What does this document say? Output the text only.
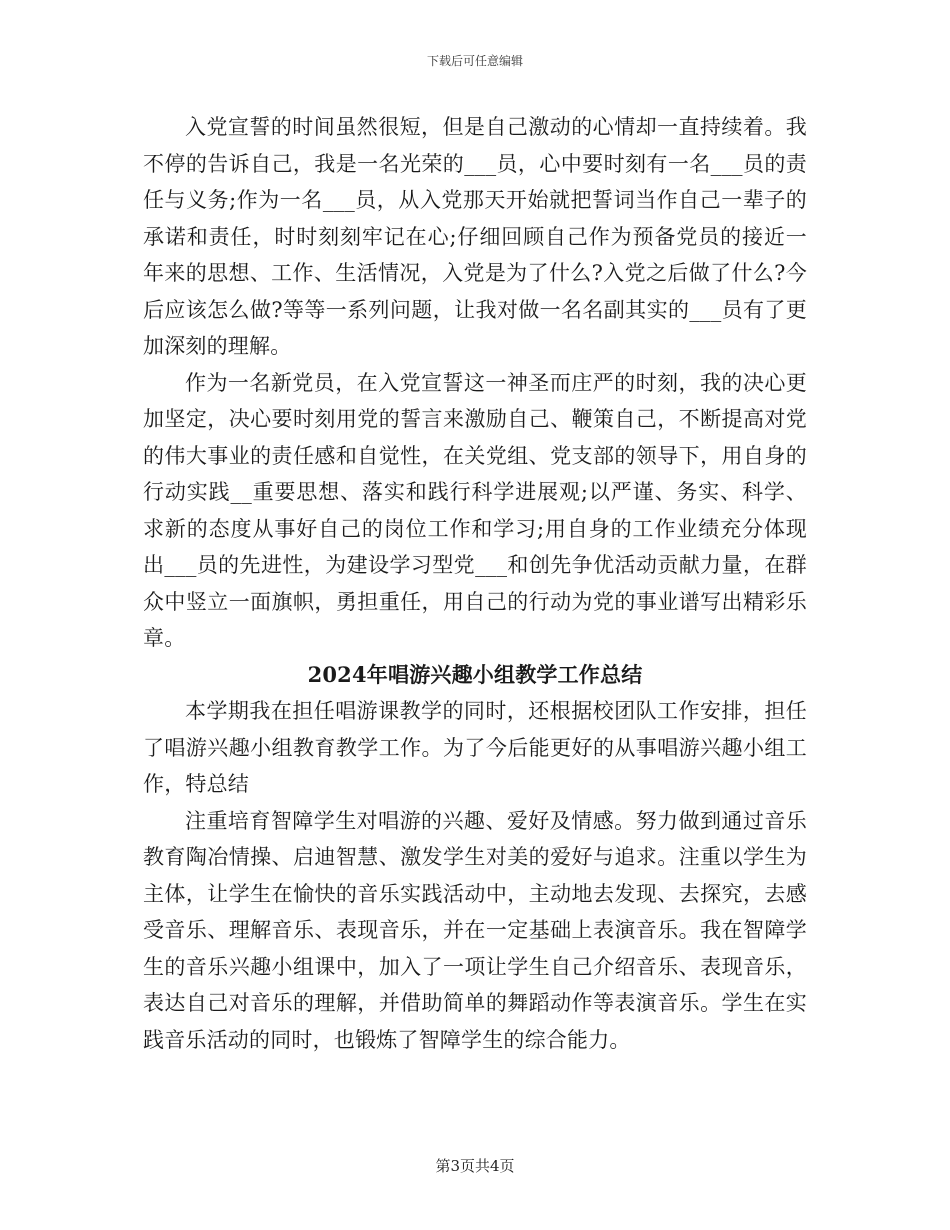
下载后可任意编辑

入党宣誓的时间虽然很短，但是自己激动的心情却一直持续着。我不停的告诉自己，我是一名光荣的___员，心中要时刻有一名___员的责任与义务;作为一名___员，从入党那天开始就把誓词当作自己一辈子的承诺和责任，时时刻刻牢记在心;仔细回顾自己作为预备党员的接近一年来的思想、工作、生活情况，入党是为了什么?入党之后做了什么?今后应该怎么做?等等一系列问题，让我对做一名名副其实的___员有了更加深刻的理解。

作为一名新党员，在入党宣誓这一神圣而庄严的时刻，我的决心更加坚定，决心要时刻用党的誓言来激励自己、鞭策自己，不断提高对党的伟大事业的责任感和自觉性，在关党组、党支部的领导下，用自身的行动实践__重要思想、落实和践行科学进展观;以严谨、务实、科学、求新的态度从事好自己的岗位工作和学习;用自身的工作业绩充分体现出___员的先进性，为建设学习型党___和创先争优活动贡献力量，在群众中竖立一面旗帜，勇担重任，用自己的行动为党的事业谱写出精彩乐章。

2024年唱游兴趣小组教学工作总结

本学期我在担任唱游课教学的同时，还根据校团队工作安排，担任了唱游兴趣小组教育教学工作。为了今后能更好的从事唱游兴趣小组工作，特总结

注重培育智障学生对唱游的兴趣、爱好及情感。努力做到通过音乐教育陶冶情操、启迪智慧、激发学生对美的爱好与追求。注重以学生为主体，让学生在愉快的音乐实践活动中，主动地去发现、去探究，去感受音乐、理解音乐、表现音乐，并在一定基础上表演音乐。我在智障学生的音乐兴趣小组课中，加入了一项让学生自己介绍音乐、表现音乐，表达自己对音乐的理解，并借助简单的舞蹈动作等表演音乐。学生在实践音乐活动的同时，也锻炼了智障学生的综合能力。

第3页共4页
